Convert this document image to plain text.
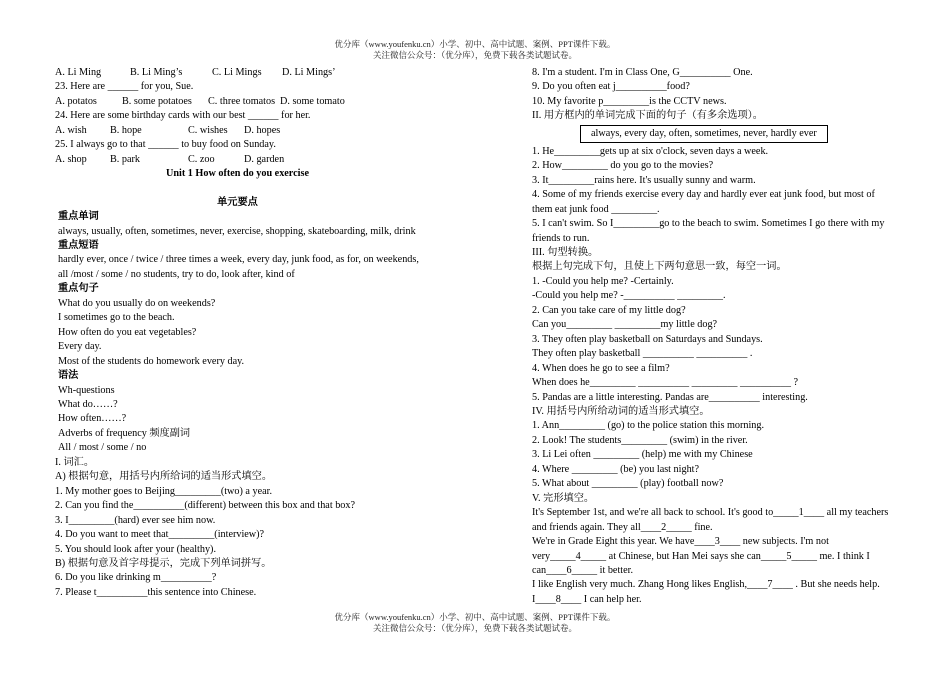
优分库（www.youfenku.cn）小学、初中、高中试题、案例、PPT课件下载。
关注微信公众号：（优分库），免费下载各类试题试卷。
A. Li Ming	B. Li Ming’s	C. Li Mings D. Li Mings’
23. Here are ______ for you, Sue.
A. potatos B. some potatoes C. three tomatos D. some tomato
24. Here are some birthday cards with our best ______ for her.
A. wish B. hope	C. wishes D. hopes
25. I always go to that ______ to buy food on Sunday.
A. shop B. park	C. zoo	D. garden
Unit 1 How often do you exercise
单元要点
重点单词
always, usually, often, sometimes, never, exercise, shopping, skateboarding, milk, drink
重点短语
hardly ever, once / twice / three times a week, every day, junk food, as for, on weekends, all /most / some / no students, try to do, look after, kind of
重点句子
What do you usually do on weekends?
I sometimes go to the beach.
How often do you eat vegetables?
Every day.
Most of the students do homework every day.
语法
Wh-questions
What do……?
How often……?
Adverbs of frequency 频度副词
All / most / some / no
I. 词汇。
A) 根据句意，用括号内所给词的适当形式填空。
1. My mother goes to Beijing_________(two) a year.
2. Can you find the__________(different) between this box and that box?
3. I_________(hard) ever see him now.
4. Do you want to meet that_________(interview)?
5. You should look after your (healthy).
B) 根据句意及首字母提示，完成下列单词拼写。
6. Do you like drinking m__________?
7. Please t__________this sentence into Chinese.
8. I'm a student. I'm in Class One, G__________ One.
9. Do you often eat j__________food?
10. My favorite p_________is the CCTV news.
II. 用方框内的单词完成下面的句子（有多余选项）。
always, every day, often, sometimes, never, hardly ever
1. He_________gets up at six o'clock, seven days a week.
2. How_________ do you go to the movies?
3. It_________rains here. It's usually sunny and warm.
4. Some of my friends exercise every day and hardly ever eat junk food, but most of them eat junk food _________.
5. I can't swim. So I_________go to the beach to swim. Sometimes I go there with my friends to run.
III. 句型转换。
根据上句完成下句，且使上下两句意思一致，每空一词。
1. -Could you help me? -Certainly.
-Could you help me? -__________ _________.
2. Can you take care of my little dog?
Can you_________ _________my little dog?
3. They often play basketball on Saturdays and Sundays.
They often play basketball __________ __________ .
4. When does he go to see a film?
When does he_________ __________ _________ __________ ?
5. Pandas are a little interesting. Pandas are__________ interesting.
IV. 用括号内所给动词的适当形式填空。
1. Ann_________ (go) to the police station this morning.
2. Look! The students_________ (swim) in the river.
3. Li Lei often _________ (help) me with my Chinese
4. Where _________ (be) you last night?
5. What about _________ (play) football now?
V. 完形填空。
It's September 1st, and we're all back to school. It's good to_____1____ all my teachers and friends again. They all____2_____ fine.
We're in Grade Eight this year. We have____3____ new subjects. I'm not very_____4_____ at Chinese, but Han Mei says she can_____5_____ me. I think I can____6_____ it better.
I like English very much. Zhang Hong likes English,____7____ . But she needs help. I____8____ I can help her.
优分库（www.youfenku.cn）小学、初中、高中试题、案例、PPT课件下载。
关注微信公众号：（优分库），免费下载各类试题试卷。
